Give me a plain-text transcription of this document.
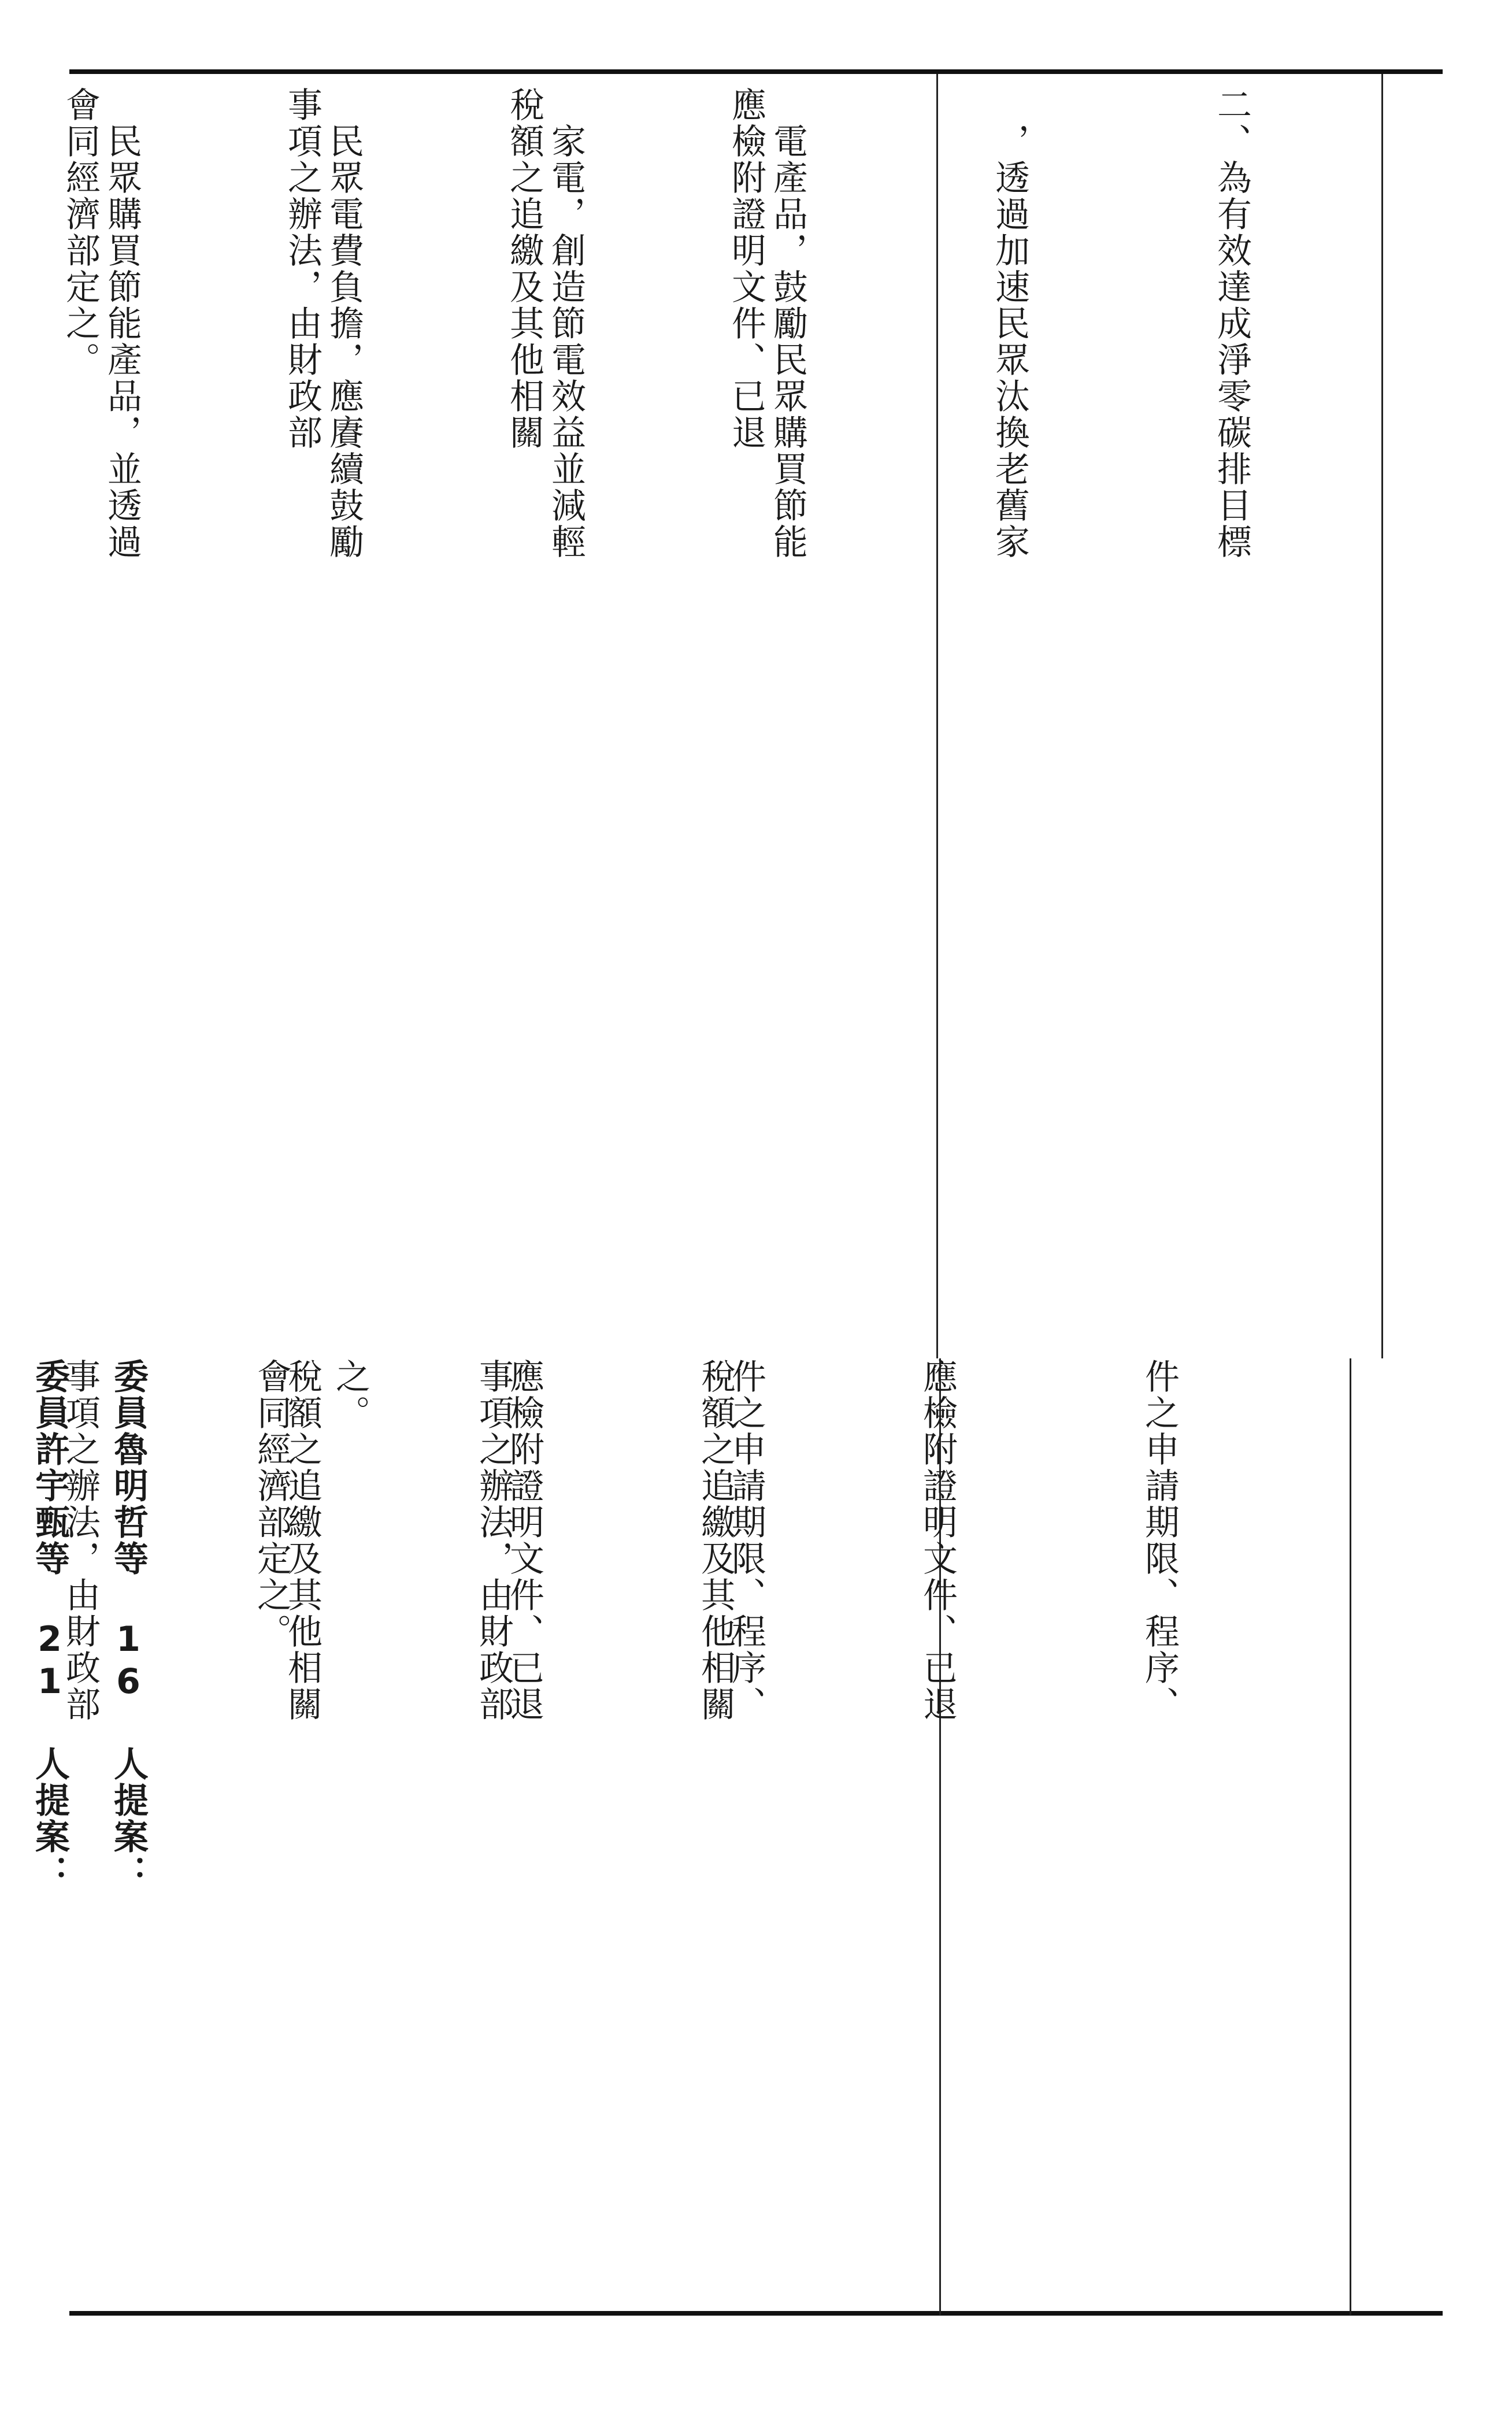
二、為有效達成淨零碳排目標

　，透過加速民眾汰換老舊家

　電產品，鼓勵民眾購買節能

　家電，創造節電效益並減輕

　民眾電費負擔，應賡續鼓勵

　民眾購買節能產品，並透過

	應檢附證明文件、已退

稅額之追繳及其他相關

事項之辦法，由財政部

會同經濟部定之。

件之申請期限、程序、

應檢附證明文件、已退

稅額之追繳及其他相關

事項之辦法，由財政部

會同經濟部定之。

委員許宇甄等 21 人提案：

	件之申請期限、程序、

應檢附證明文件、已退

稅額之追繳及其他相關

事項之辦法，由財政部

	之。

委員魯明哲等 16 人提案：
